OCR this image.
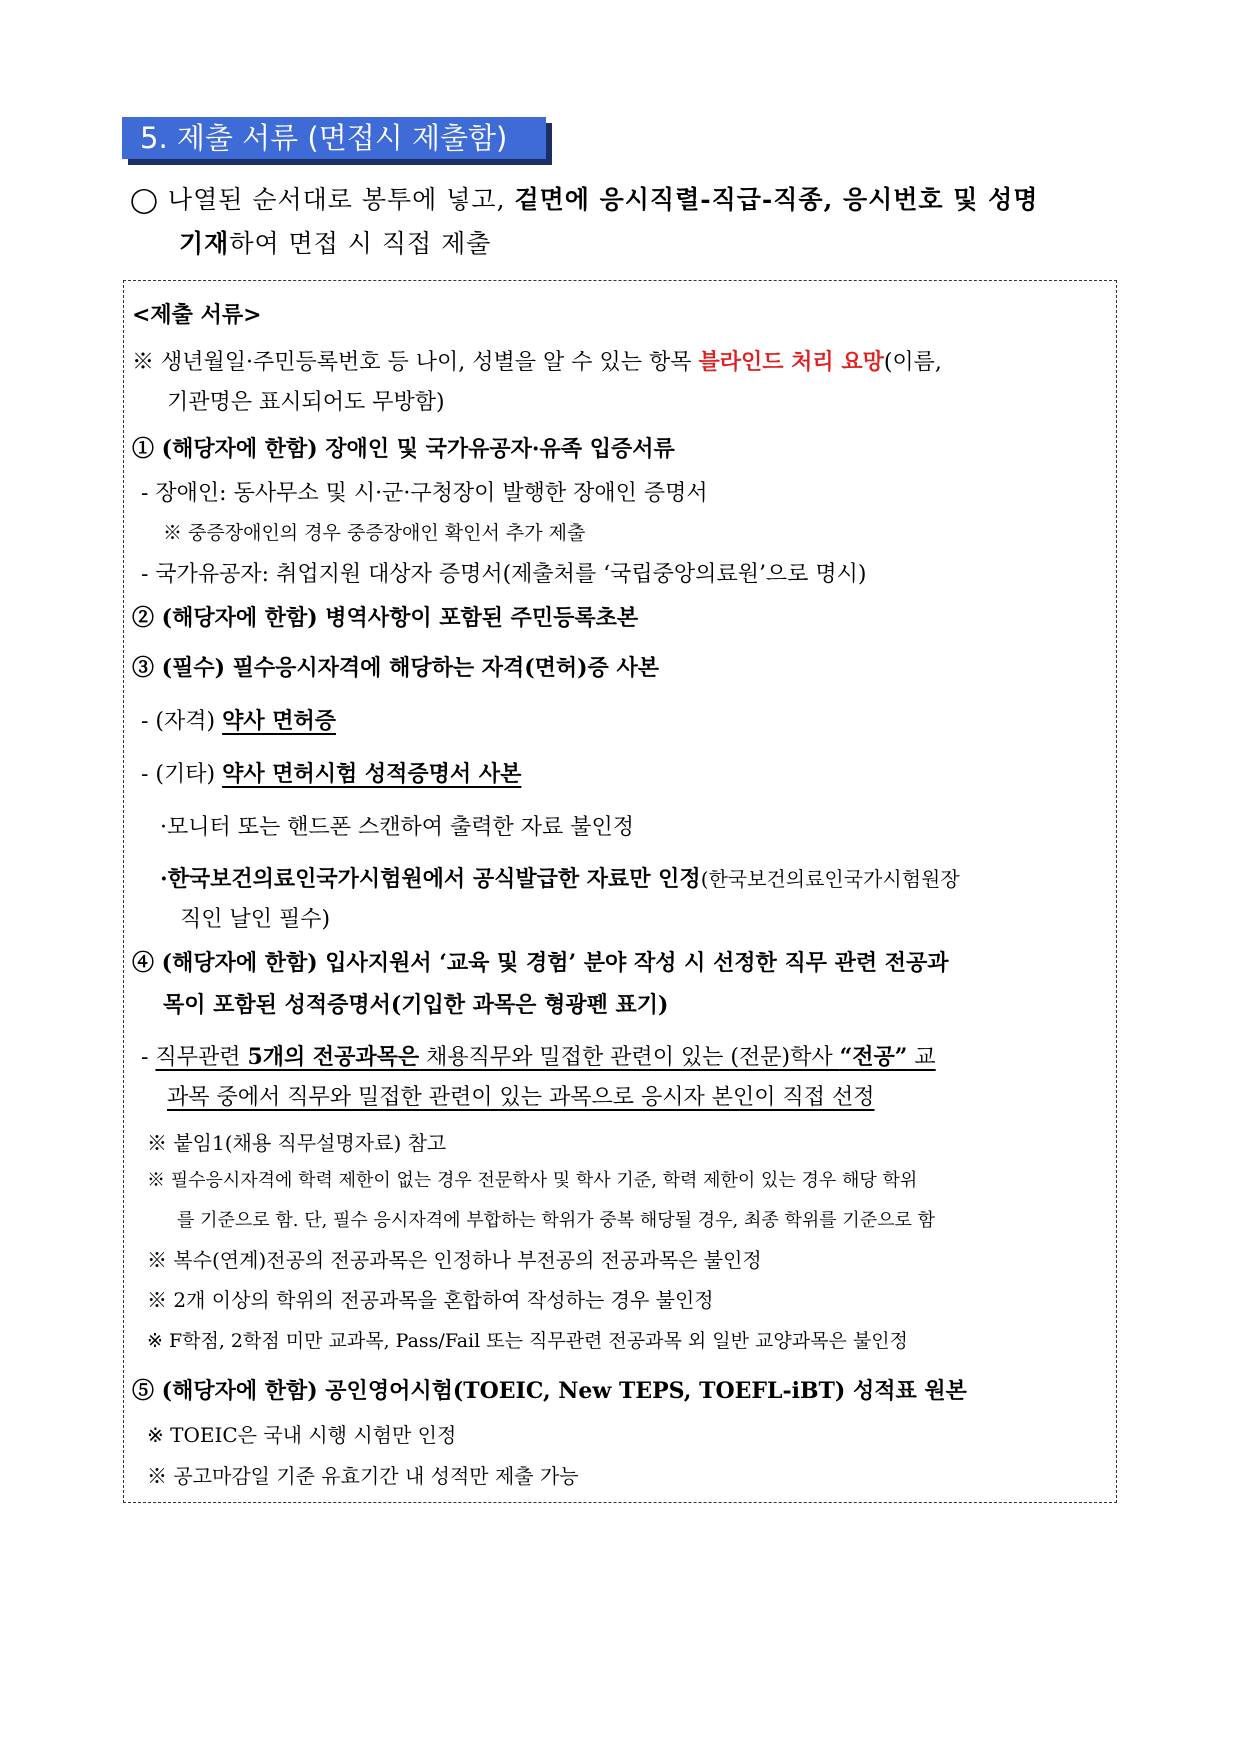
5. 제출 서류 (면접시 제출함)
◯ 나열된 순서대로 봉투에 넣고, 겉면에 응시직렬-직급-직종, 응시번호 및 성명
기재하여 면접 시 직접 제출
<제출 서류>
※ 생년월일·주민등록번호 등 나이, 성별을 알 수 있는 항목 블라인드 처리 요망(이름,
기관명은 표시되어도 무방함)
① (해당자에 한함) 장애인 및 국가유공자·유족 입증서류
- 장애인: 동사무소 및 시·군·구청장이 발행한 장애인 증명서
※ 중증장애인의 경우 중증장애인 확인서 추가 제출
- 국가유공자: 취업지원 대상자 증명서(제출처를 ‘국립중앙의료원’으로 명시)
② (해당자에 한함) 병역사항이 포함된 주민등록초본
③ (필수) 필수응시자격에 해당하는 자격(면허)증 사본
- (자격) 약사 면허증
- (기타) 약사 면허시험 성적증명서 사본
·모니터 또는 핸드폰 스캔하여 출력한 자료 불인정
·한국보건의료인국가시험원에서 공식발급한 자료만 인정(한국보건의료인국가시험원장
직인 날인 필수)
④ (해당자에 한함) 입사지원서 ‘교육 및 경험’ 분야 작성 시 선정한 직무 관련 전공과
목이 포함된 성적증명서(기입한 과목은 형광펜 표기)
- 직무관련 5개의 전공과목은 채용직무와 밀접한 관련이 있는 (전문)학사 “전공” 교
과목 중에서 직무와 밀접한 관련이 있는 과목으로 응시자 본인이 직접 선정
※ 붙임1(채용 직무설명자료) 참고
※ 필수응시자격에 학력 제한이 없는 경우 전문학사 및 학사 기준, 학력 제한이 있는 경우 해당 학위
를 기준으로 함. 단, 필수 응시자격에 부합하는 학위가 중복 해당될 경우, 최종 학위를 기준으로 함
※ 복수(연계)전공의 전공과목은 인정하나 부전공의 전공과목은 불인정
※ 2개 이상의 학위의 전공과목을 혼합하여 작성하는 경우 불인정
※ F학점, 2학점 미만 교과목, Pass/Fail 또는 직무관련 전공과목 외 일반 교양과목은 불인정
⑤ (해당자에 한함) 공인영어시험(TOEIC, New TEPS, TOEFL-iBT) 성적표 원본
※ TOEIC은 국내 시행 시험만 인정
※ 공고마감일 기준 유효기간 내 성적만 제출 가능
